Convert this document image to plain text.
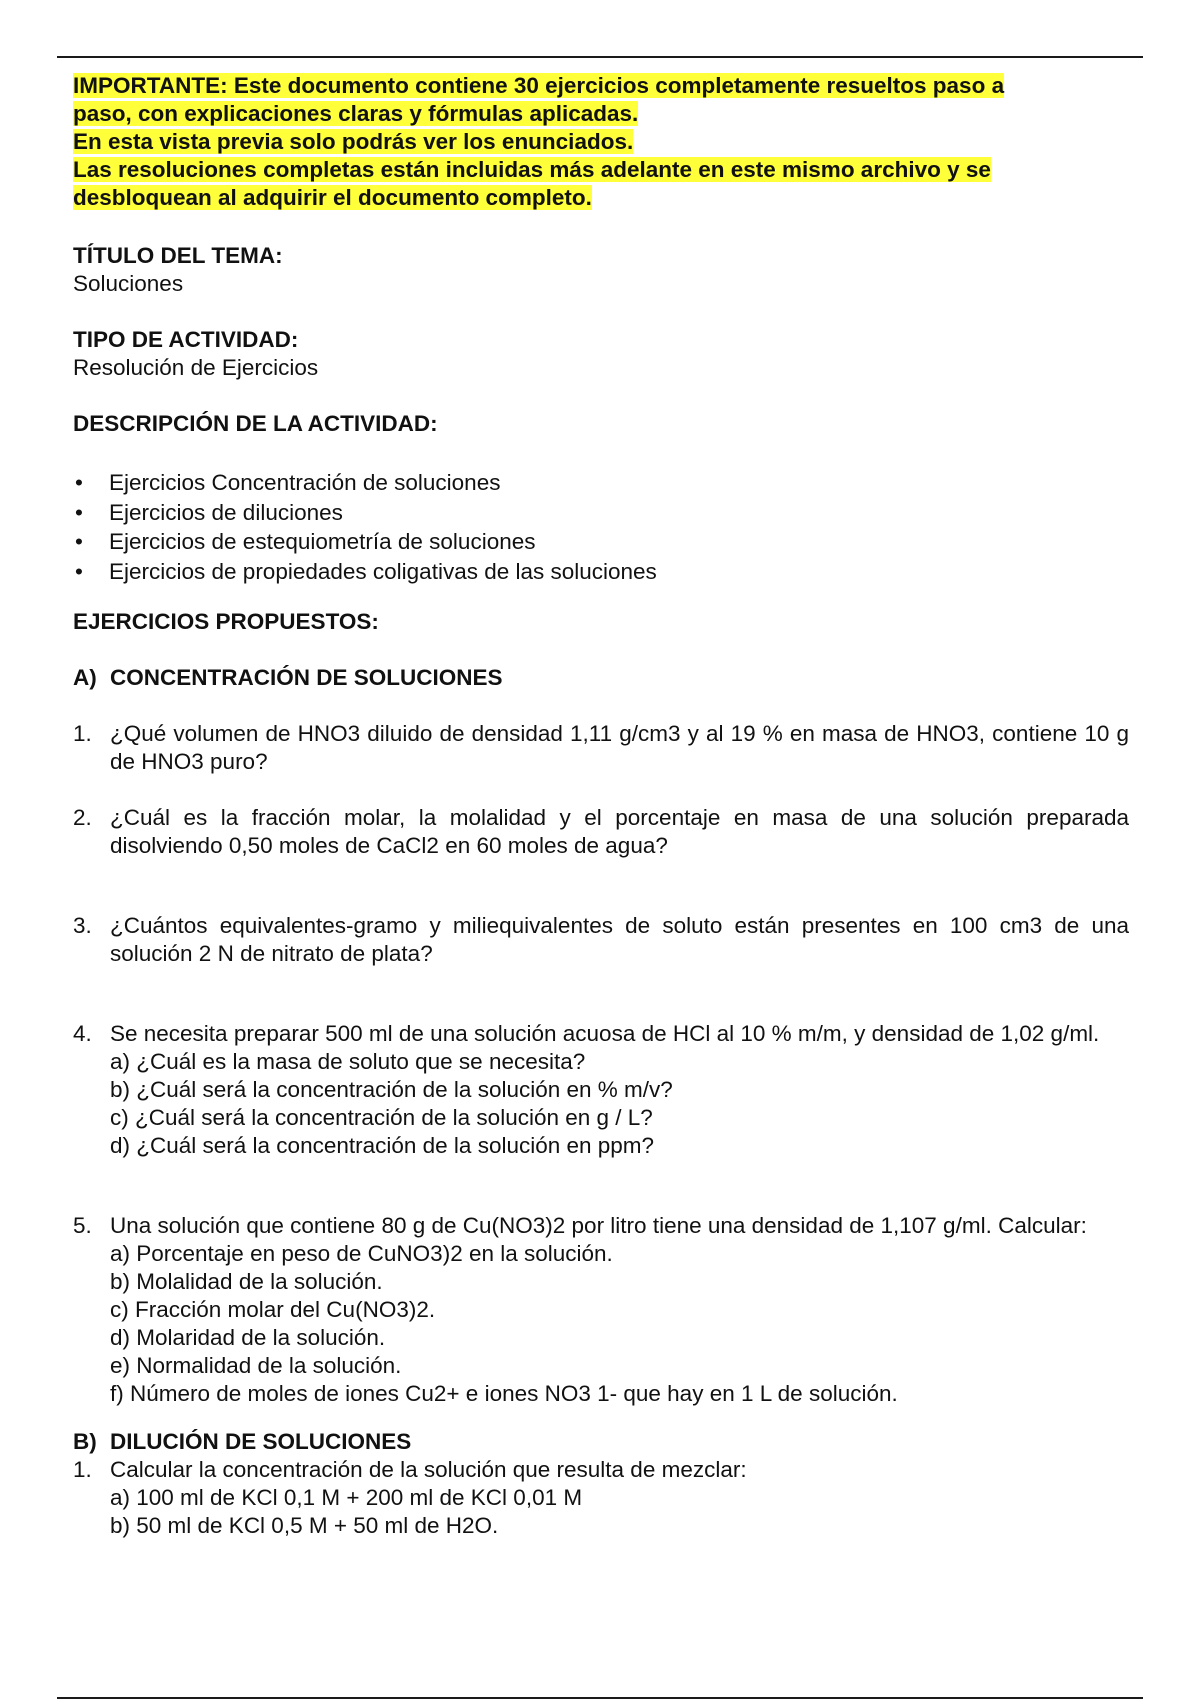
IMPORTANTE: Este documento contiene 30 ejercicios completamente resueltos paso a
paso, con explicaciones claras y fórmulas aplicadas.
En esta vista previa solo podrás ver los enunciados.
Las resoluciones completas están incluidas más adelante en este mismo archivo y se
desbloquean al adquirir el documento completo.
TÍTULO DEL TEMA:
Soluciones
TIPO DE ACTIVIDAD:
Resolución de Ejercicios
DESCRIPCIÓN DE LA ACTIVIDAD:
• Ejercicios Concentración de soluciones
• Ejercicios de diluciones
• Ejercicios de estequiometría de soluciones
• Ejercicios de propiedades coligativas de las soluciones
EJERCICIOS PROPUESTOS:
A) CONCENTRACIÓN DE SOLUCIONES
1. ¿Qué volumen de HNO3 diluido de densidad 1,11 g/cm3 y al 19 % en masa de HNO3, contiene 10 g de HNO3 puro?
2. ¿Cuál es la fracción molar, la molalidad y el porcentaje en masa de una solución preparada disolviendo 0,50 moles de CaCl2 en 60 moles de agua?
3. ¿Cuántos equivalentes-gramo y miliequivalentes de soluto están presentes en 100 cm3 de una solución 2 N de nitrato de plata?
4. Se necesita preparar 500 ml de una solución acuosa de HCl al 10 % m/m, y densidad de 1,02 g/ml.
a) ¿Cuál es la masa de soluto que se necesita?
b) ¿Cuál será la concentración de la solución en % m/v?
c) ¿Cuál será la concentración de la solución en g / L?
d) ¿Cuál será la concentración de la solución en ppm?
5. Una solución que contiene 80 g de Cu(NO3)2 por litro tiene una densidad de 1,107 g/ml. Calcular:
a) Porcentaje en peso de CuNO3)2 en la solución.
b) Molalidad de la solución.
c) Fracción molar del Cu(NO3)2.
d) Molaridad de la solución.
e) Normalidad de la solución.
f) Número de moles de iones Cu2+ e iones NO3 1- que hay en 1 L de solución.
B) DILUCIÓN DE SOLUCIONES
1. Calcular la concentración de la solución que resulta de mezclar:
a) 100 ml de KCl 0,1 M + 200 ml de KCl 0,01 M
b) 50 ml de KCl 0,5 M + 50 ml de H2O.
